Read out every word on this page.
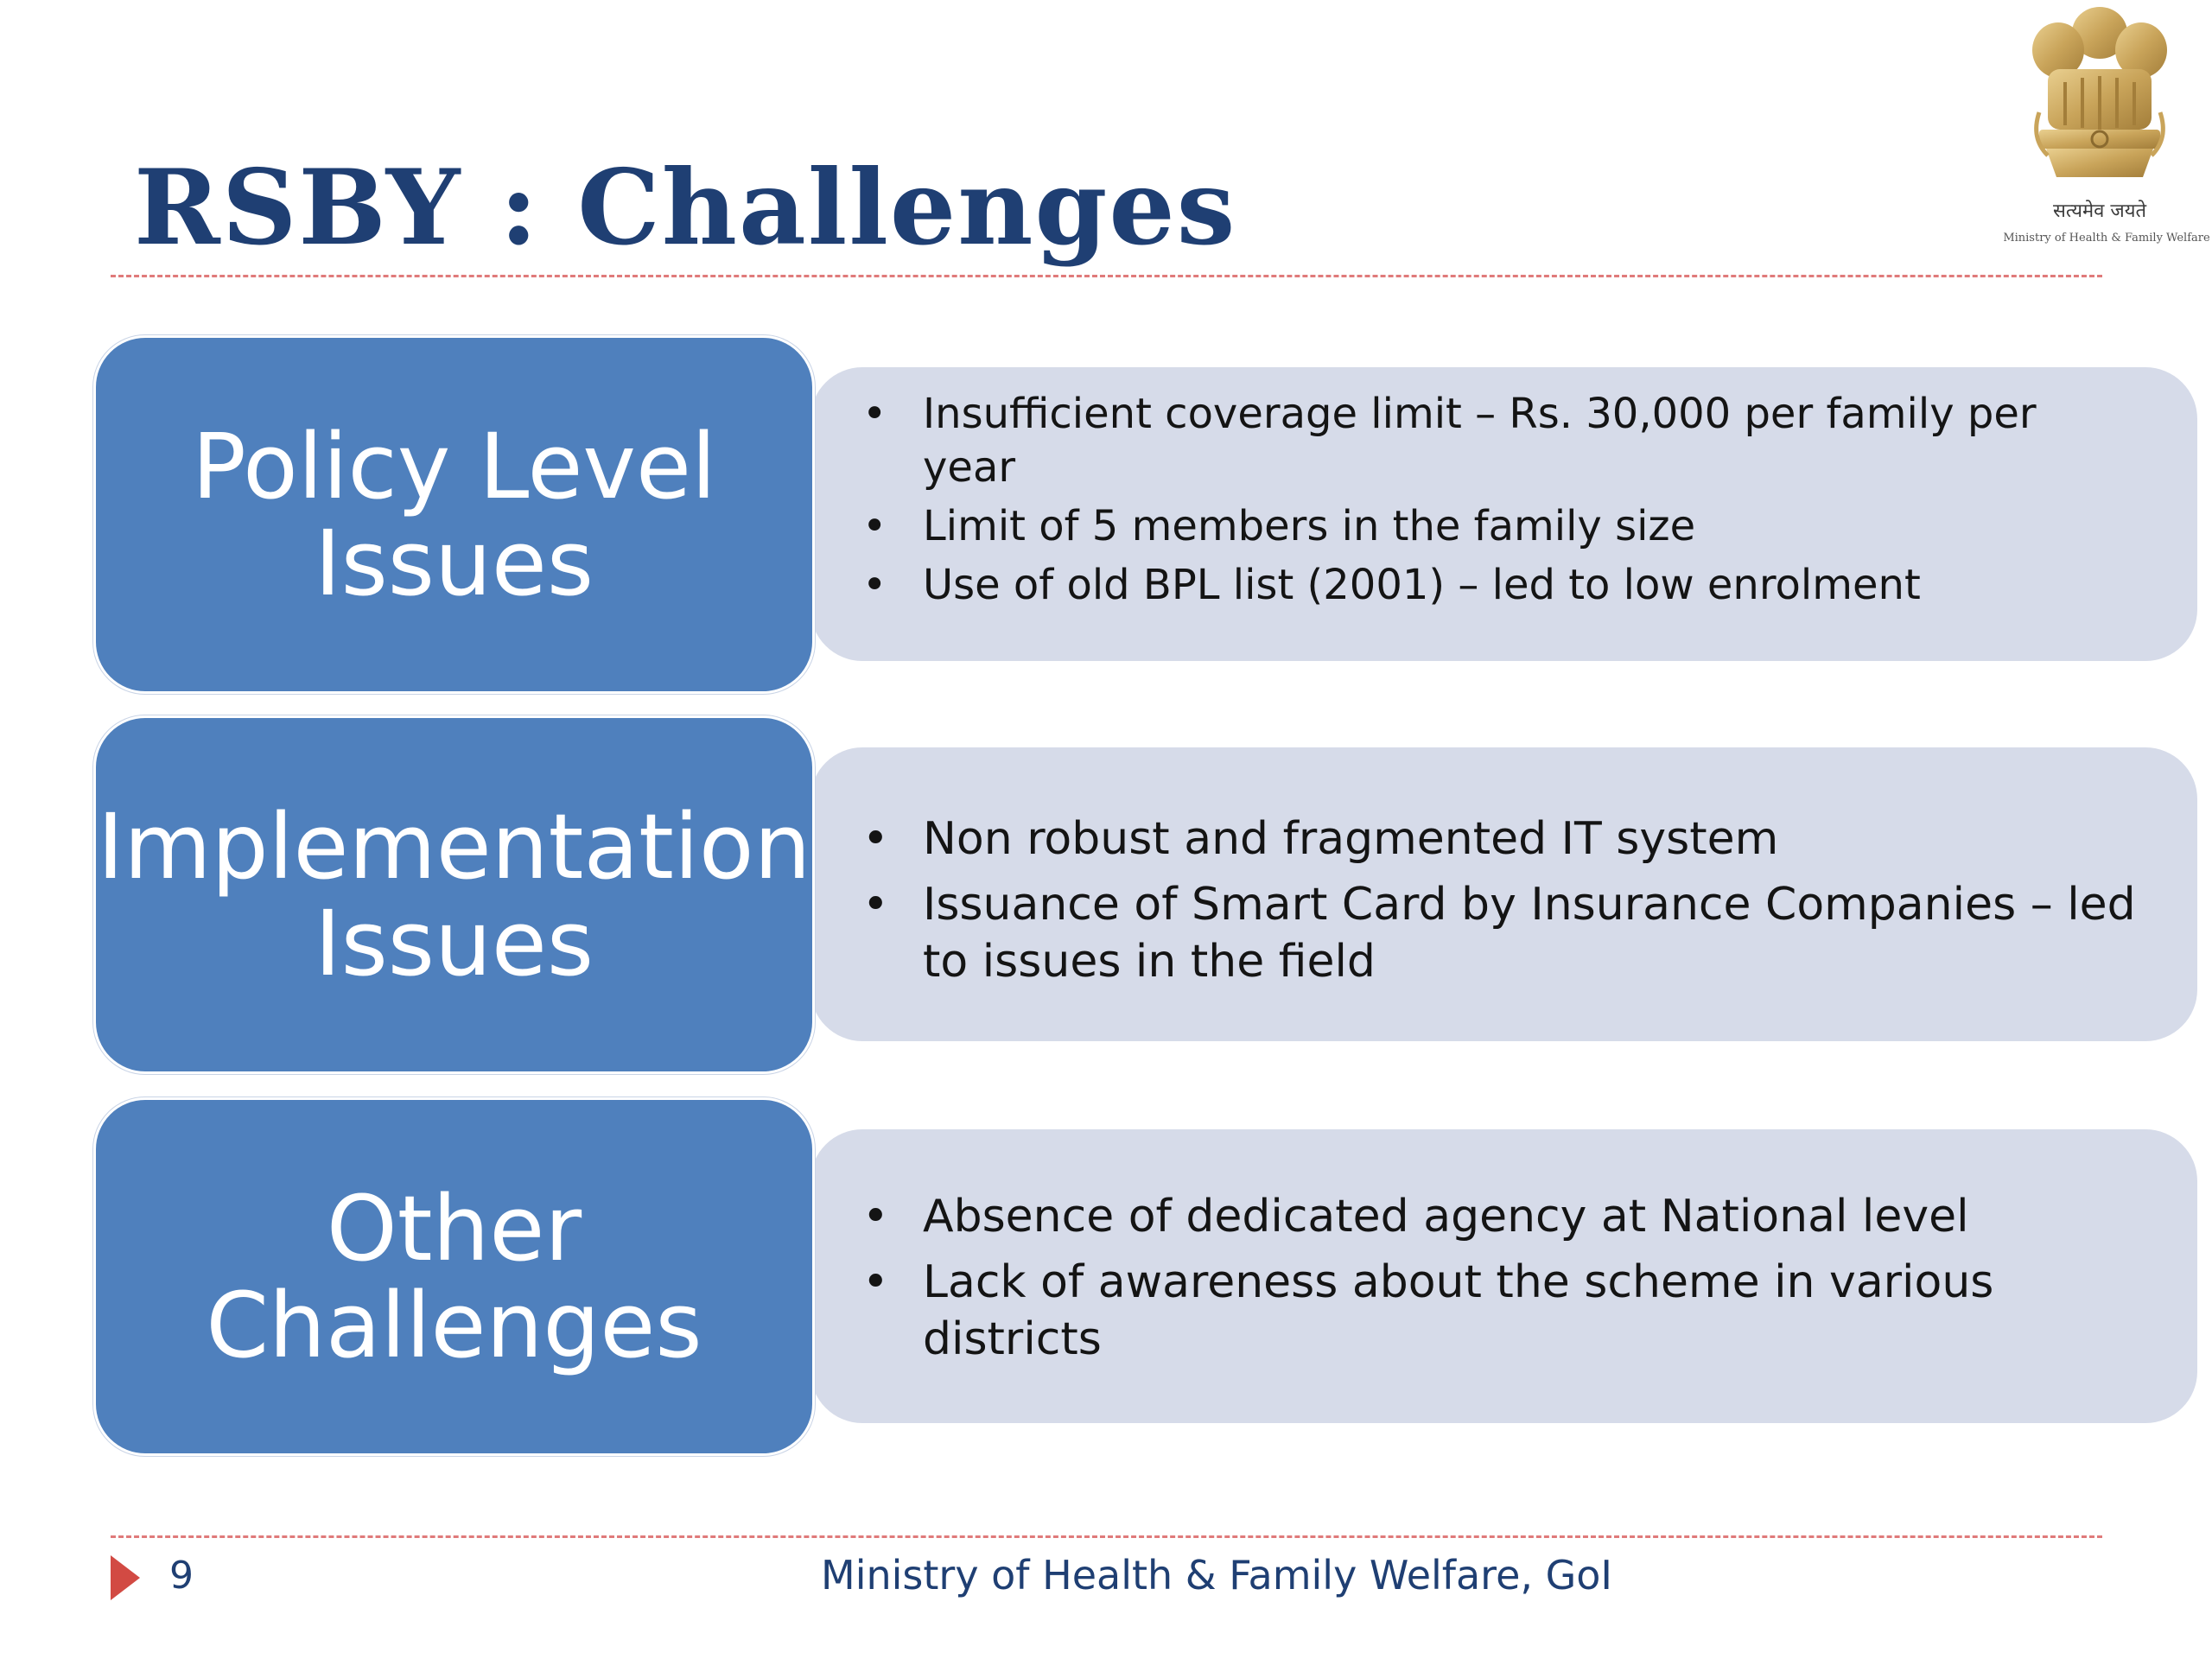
RSBY : Challenges	सत्यमेव जयते
Ministry of Health & Family Welfare
Policy Level
Issues
• Insufficient coverage limit – Rs. 30,000 per family per year
• Limit of 5 members in the family size
• Use of old BPL list (2001) – led to low enrolment
Implementation
Issues
• Non robust and fragmented IT system
• Issuance of Smart Card by Insurance Companies – led to issues in the field
Other
Challenges
• Absence of dedicated agency at National level
• Lack of awareness about the scheme in various districts
9	Ministry of Health & Family Welfare, GoI
